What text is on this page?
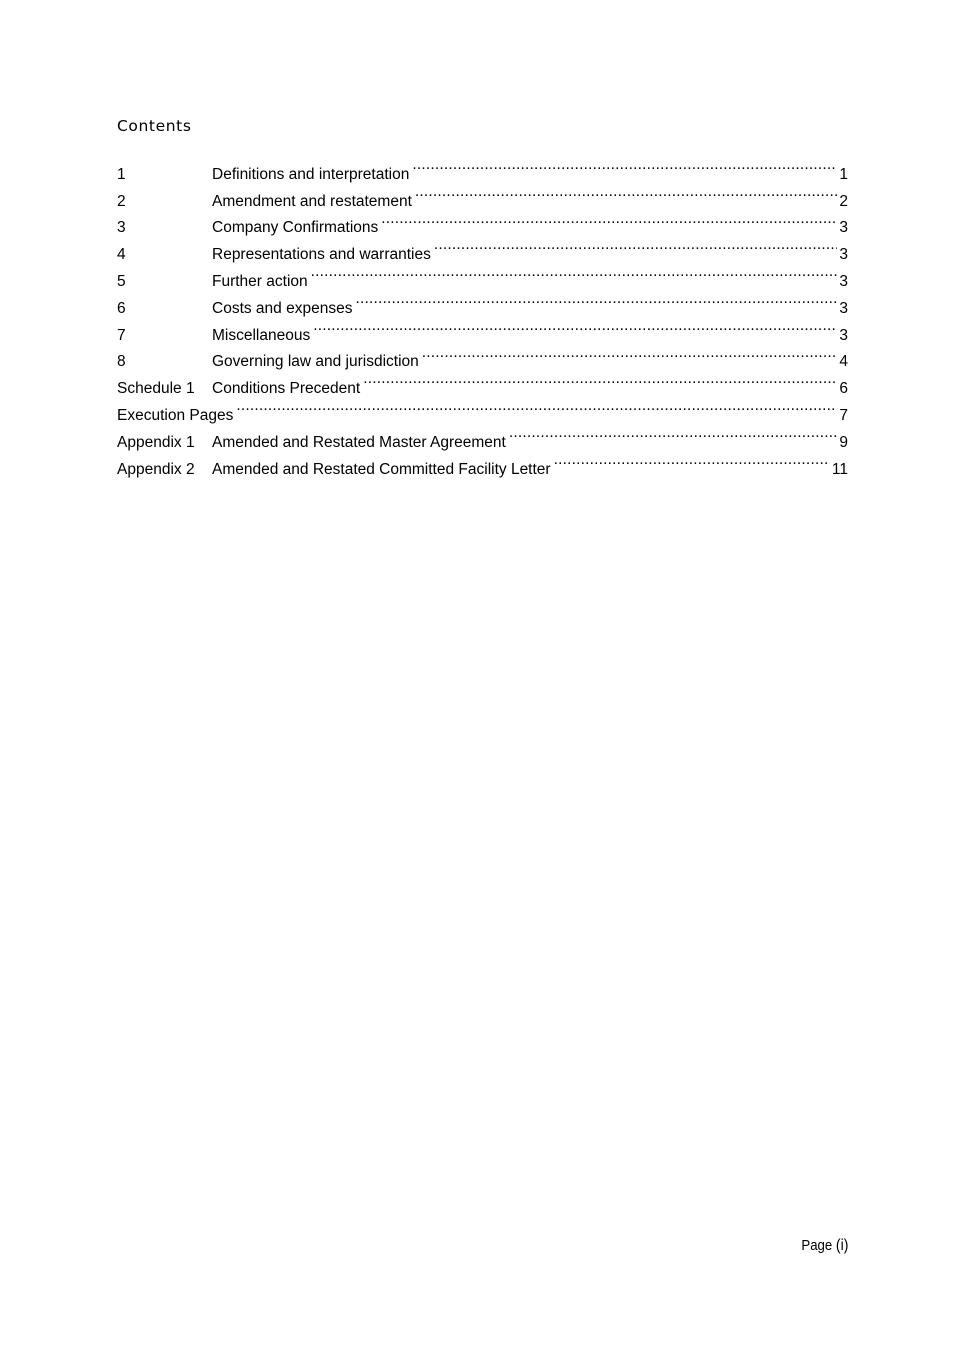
Contents
1	Definitions and interpretation .....	1
2	Amendment and restatement .....	2
3	Company Confirmations .....	3
4	Representations and warranties .....	3
5	Further action .....	3
6	Costs and expenses .....	3
7	Miscellaneous .....	3
8	Governing law and jurisdiction .....	4
Schedule 1	Conditions Precedent .....	6
Execution Pages .....	7
Appendix 1	Amended and Restated Master Agreement .....	9
Appendix 2	Amended and Restated Committed Facility Letter .....	11
Page (i)
